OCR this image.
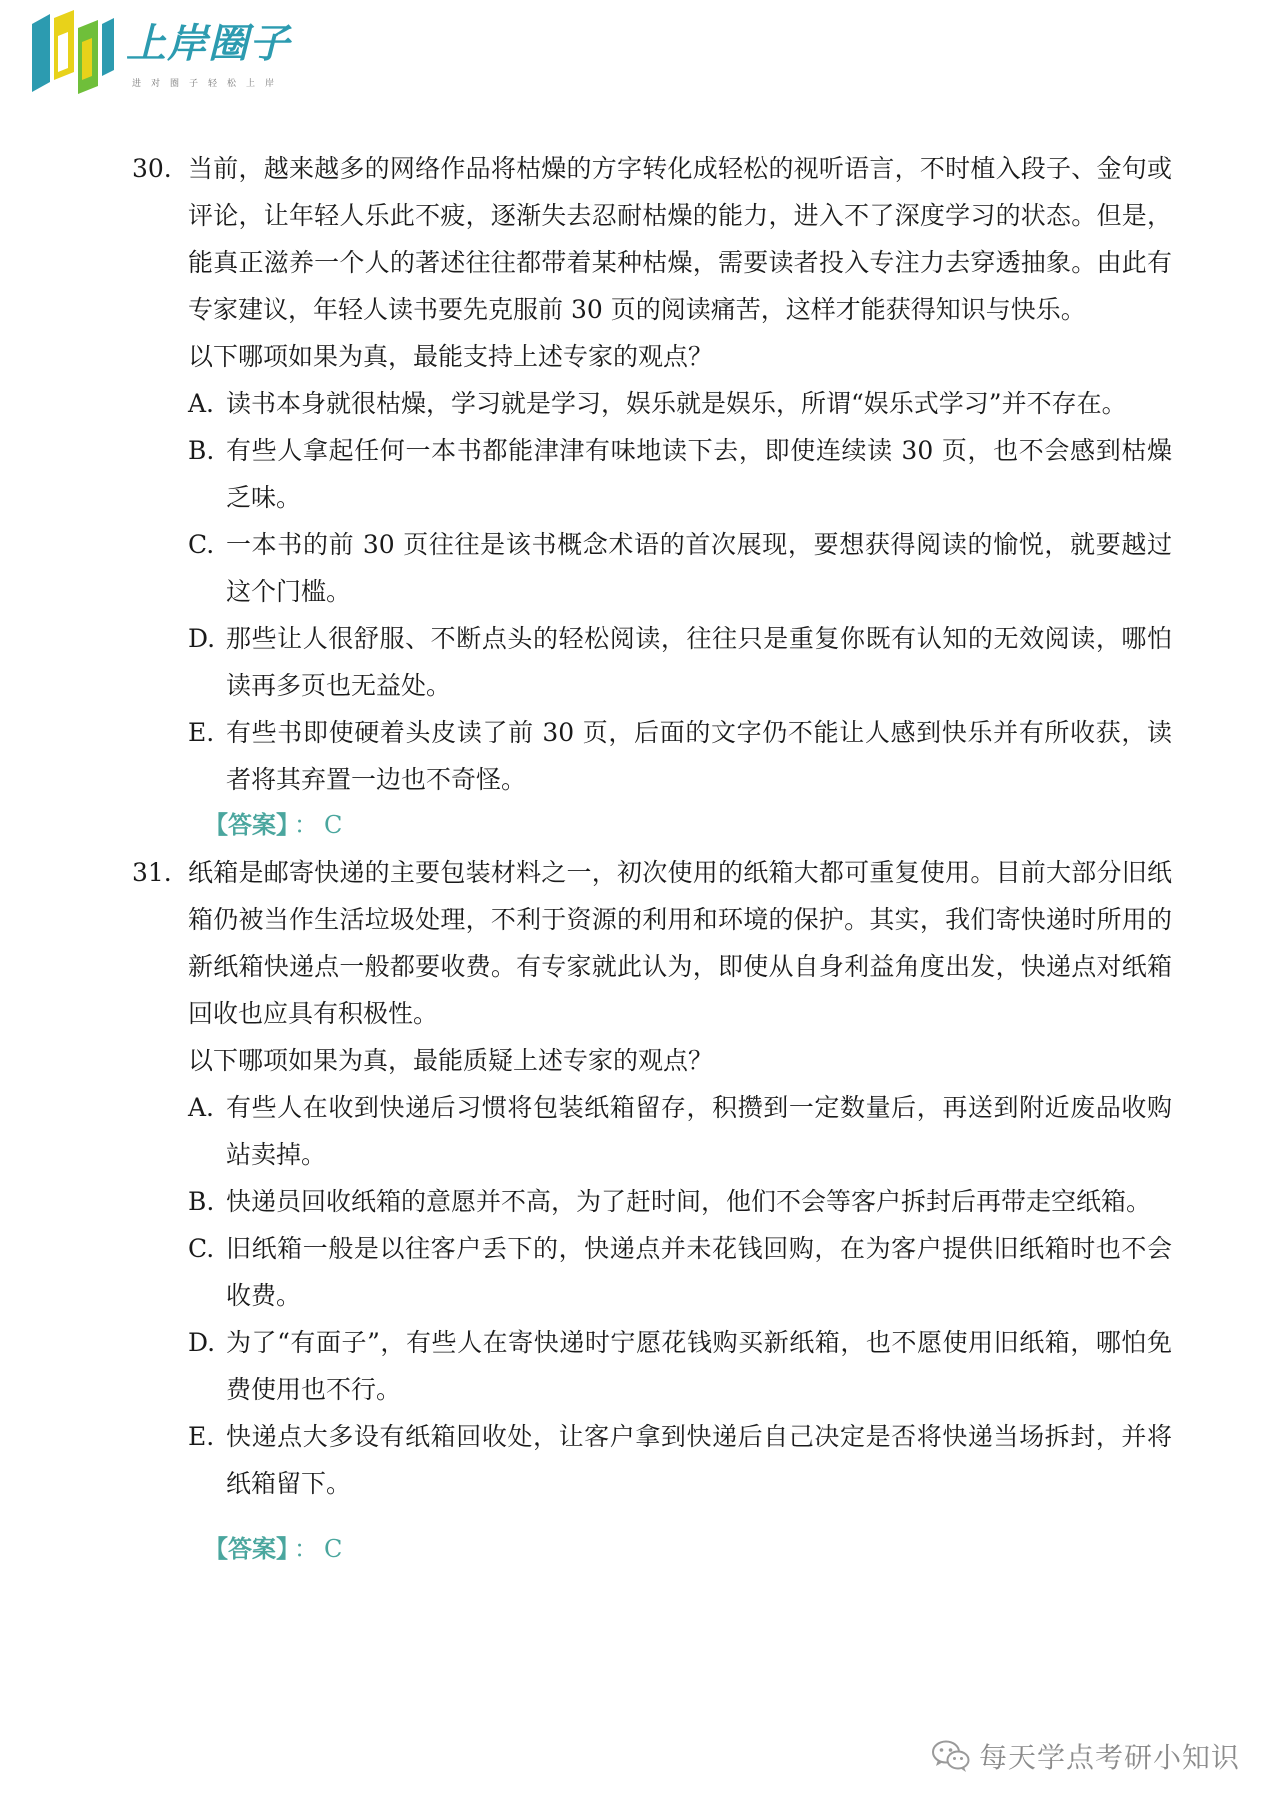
上岸圈子
进对圈子轻松上岸
30. 当前，越来越多的网络作品将枯燥的方字转化成轻松的视听语言，不时植入段子、金句或评论，让年轻人乐此不疲，逐渐失去忍耐枯燥的能力，进入不了深度学习的状态。但是，能真正滋养一个人的著述往往都带着某种枯燥，需要读者投入专注力去穿透抽象。由此有专家建议，年轻人读书要先克服前 30 页的阅读痛苦，这样才能获得知识与快乐。

以下哪项如果为真，最能支持上述专家的观点？

A. 读书本身就很枯燥，学习就是学习，娱乐就是娱乐，所谓“娱乐式学习”并不存在。
B. 有些人拿起任何一本书都能津津有味地读下去，即使连续读 30 页，也不会感到枯燥乏味。
C. 一本书的前 30 页往往是该书概念术语的首次展现，要想获得阅读的愉悦，就要越过这个门槛。
D. 那些让人很舒服、不断点头的轻松阅读，往往只是重复你既有认知的无效阅读，哪怕读再多页也无益处。
E. 有些书即使硬着头皮读了前 30 页，后面的文字仍不能让人感到快乐并有所收获，读者将其弃置一边也不奇怪。
【答案】 ： C
31. 纸箱是邮寄快递的主要包装材料之一，初次使用的纸箱大都可重复使用。目前大部分旧纸箱仍被当作生活垃圾处理，不利于资源的利用和环境的保护。其实，我们寄快递时所用的新纸箱快递点一般都要收费。有专家就此认为，即使从自身利益角度出发，快递点对纸箱回收也应具有积极性。

以下哪项如果为真，最能质疑上述专家的观点？

A. 有些人在收到快递后习惯将包装纸箱留存，积攒到一定数量后，再送到附近废品收购站卖掉。
B. 快递员回收纸箱的意愿并不高，为了赶时间，他们不会等客户拆封后再带走空纸箱。
C. 旧纸箱一般是以往客户丢下的，快递点并未花钱回购，在为客户提供旧纸箱时也不会收费。
D. 为了“有面子”，有些人在寄快递时宁愿花钱购买新纸箱，也不愿使用旧纸箱，哪怕免费使用也不行。
E. 快递点大多设有纸箱回收处，让客户拿到快递后自己决定是否将快递当场拆封，并将纸箱留下。
【答案】 ： C
每天学点考研小知识
